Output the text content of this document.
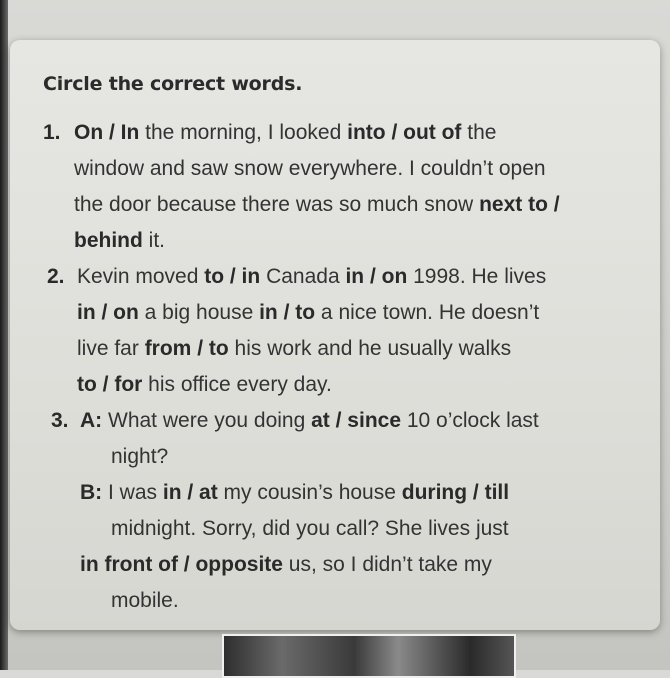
Circle the correct words.
1. On / In the morning, I looked into / out of the
window and saw snow everywhere. I couldn’t open
the door because there was so much snow next to /
behind it.
2. Kevin moved to / in Canada in / on 1998. He lives
in / on a big house in / to a nice town. He doesn’t
live far from / to his work and he usually walks
to / for his office every day.
3. A: What were you doing at / since 10 o’clock last
night?
B: I was in / at my cousin’s house during / till
midnight. Sorry, did you call? She lives just
in front of / opposite us, so I didn’t take my
mobile.
